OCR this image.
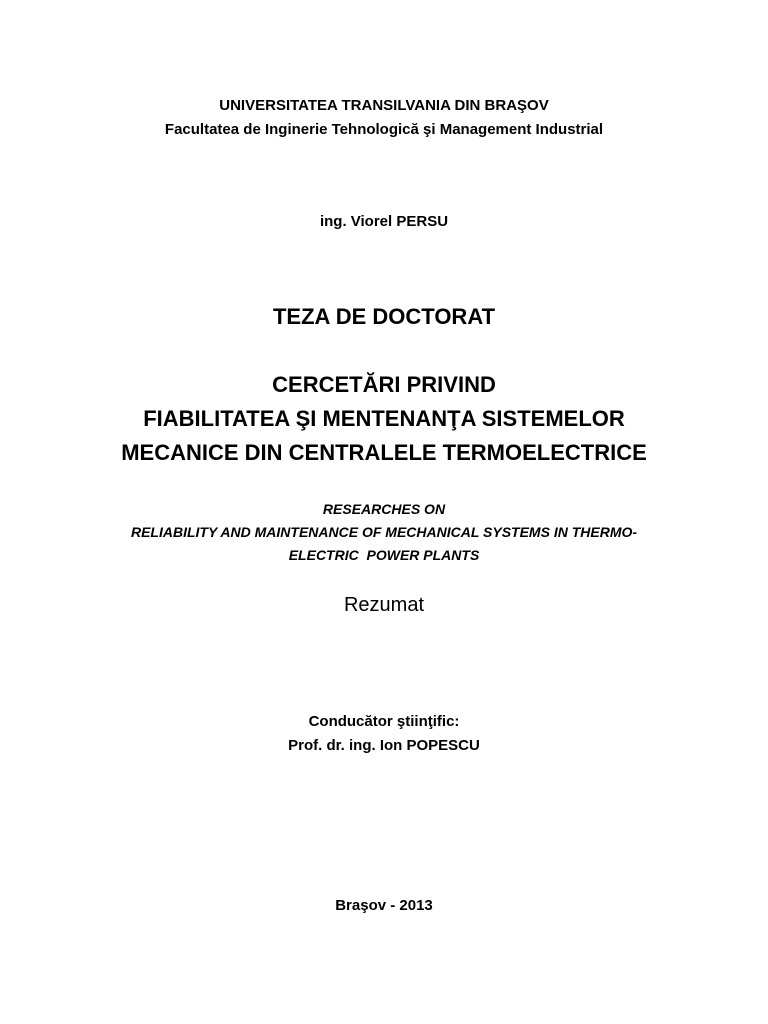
UNIVERSITATEA TRANSILVANIA DIN BRAŞOV
Facultatea de Inginerie Tehnologică şi Management Industrial
ing. Viorel PERSU
TEZA DE DOCTORAT
CERCETĂRI PRIVIND
FIABILITATEA ŞI MENTENANŢA SISTEMELOR
MECANICE DIN CENTRALELE TERMOELECTRICE
RESEARCHES ON
RELIABILITY AND MAINTENANCE OF MECHANICAL SYSTEMS IN THERMO-
ELECTRIC  POWER PLANTS
Rezumat
Conducător ştiinţific:
Prof. dr. ing. Ion POPESCU
Braşov - 2013
